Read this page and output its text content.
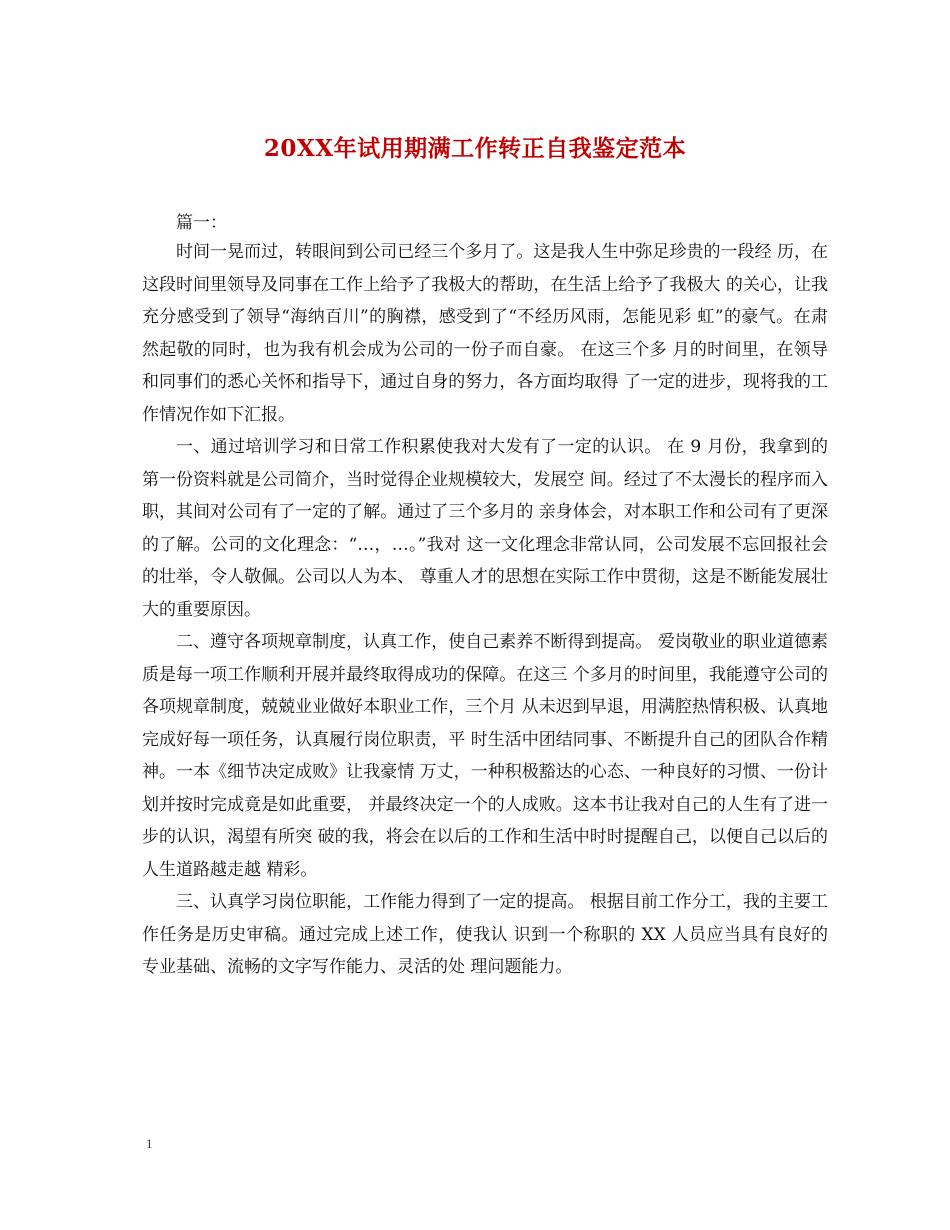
20XX年试用期满工作转正自我鉴定范本
篇一：

时间一晃而过，转眼间到公司已经三个多月了。这是我人生中弥足珍贵的一段经 历，在这段时间里领导及同事在工作上给予了我极大的帮助，在生活上给予了我极大 的关心，让我充分感受到了领导“海纳百川”的胸襟，感受到了“不经历风雨，怎能见彩 虹”的豪气。在肃然起敬的同时，也为我有机会成为公司的一份子而自豪。 在这三个多 月的时间里，在领导和同事们的悉心关怀和指导下，通过自身的努力，各方面均取得 了一定的进步，现将我的工作情况作如下汇报。

一、通过培训学习和日常工作积累使我对大发有了一定的认识。 在 9 月份，我拿到的第一份资料就是公司简介，当时觉得企业规模较大，发展空 间。经过了不太漫长的程序而入职，其间对公司有了一定的了解。通过了三个多月的 亲身体会，对本职工作和公司有了更深的了解。公司的文化理念：“…，…。”我对 这一文化理念非常认同，公司发展不忘回报社会的壮举，令人敬佩。公司以人为本、 尊重人才的思想在实际工作中贯彻，这是不断能发展壮大的重要原因。

二、遵守各项规章制度，认真工作，使自己素养不断得到提高。 爱岗敬业的职业道德素质是每一项工作顺利开展并最终取得成功的保障。在这三 个多月的时间里，我能遵守公司的各项规章制度，兢兢业业做好本职业工作，三个月 从未迟到早退，用满腔热情积极、认真地完成好每一项任务，认真履行岗位职责，平 时生活中团结同事、不断提升自己的团队合作精神。一本《细节决定成败》让我豪情 万丈，一种积极豁达的心态、一种良好的习惯、一份计划并按时完成竟是如此重要， 并最终决定一个的人成败。这本书让我对自己的人生有了进一步的认识，渴望有所突 破的我，将会在以后的工作和生活中时时提醒自己，以便自己以后的人生道路越走越 精彩。

三、认真学习岗位职能，工作能力得到了一定的提高。 根据目前工作分工，我的主要工作任务是历史审稿。通过完成上述工作，使我认 识到一个称职的 XX 人员应当具有良好的专业基础、流畅的文字写作能力、灵活的处 理问题能力。

1
